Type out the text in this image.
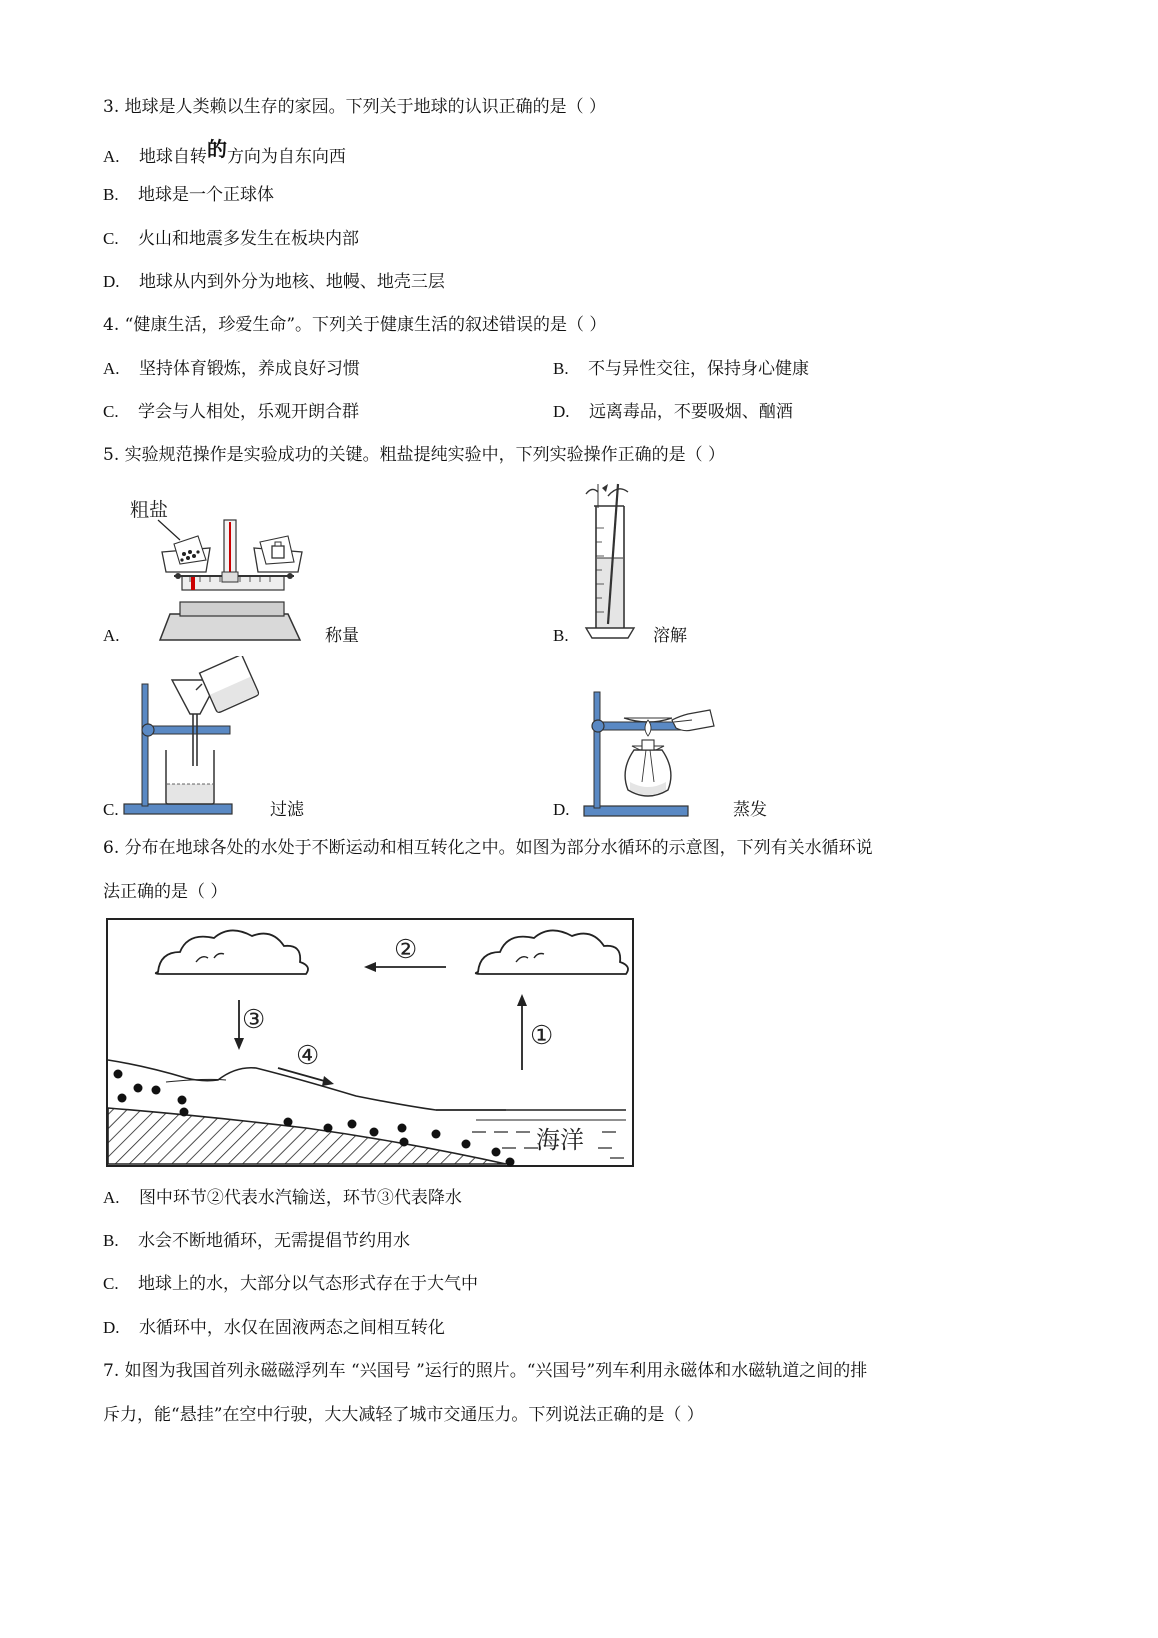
3. 地球是人类赖以生存的家园。下列关于地球的认识正确的是（ ）
A. 地球自转的方向为自东向西
B. 地球是一个正球体
C. 火山和地震多发生在板块内部
D. 地球从内到外分为地核、地幔、地壳三层
4. “健康生活，珍爱生命”。下列关于健康生活的叙述错误的是（ ）
A. 坚持体育锻炼，养成良好习惯	B. 不与异性交往，保持身心健康
C. 学会与人相处，乐观开朗合群	D. 远离毒品，不要吸烟、酗酒
5. 实验规范操作是实验成功的关键。粗盐提纯实验中，下列实验操作正确的是（ ）
粗盐
A.	称量	B.	溶解
C.	过滤	D.	蒸发
6. 分布在地球各处的水处于不断运动和相互转化之中。如图为部分水循环的示意图，下列有关水循环说
法正确的是（ ）
②
③
①
④
海洋
A. 图中环节②代表水汽输送，环节③代表降水
B. 水会不断地循环，无需提倡节约用水
C. 地球上的水，大部分以气态形式存在于大气中
D. 水循环中，水仅在固液两态之间相互转化
7. 如图为我国首列永磁磁浮列车 “兴国号 ”运行的照片。“兴国号”列车利用永磁体和水磁轨道之间的排
斥力，能“悬挂”在空中行驶，大大减轻了城市交通压力。下列说法正确的是（ ）
